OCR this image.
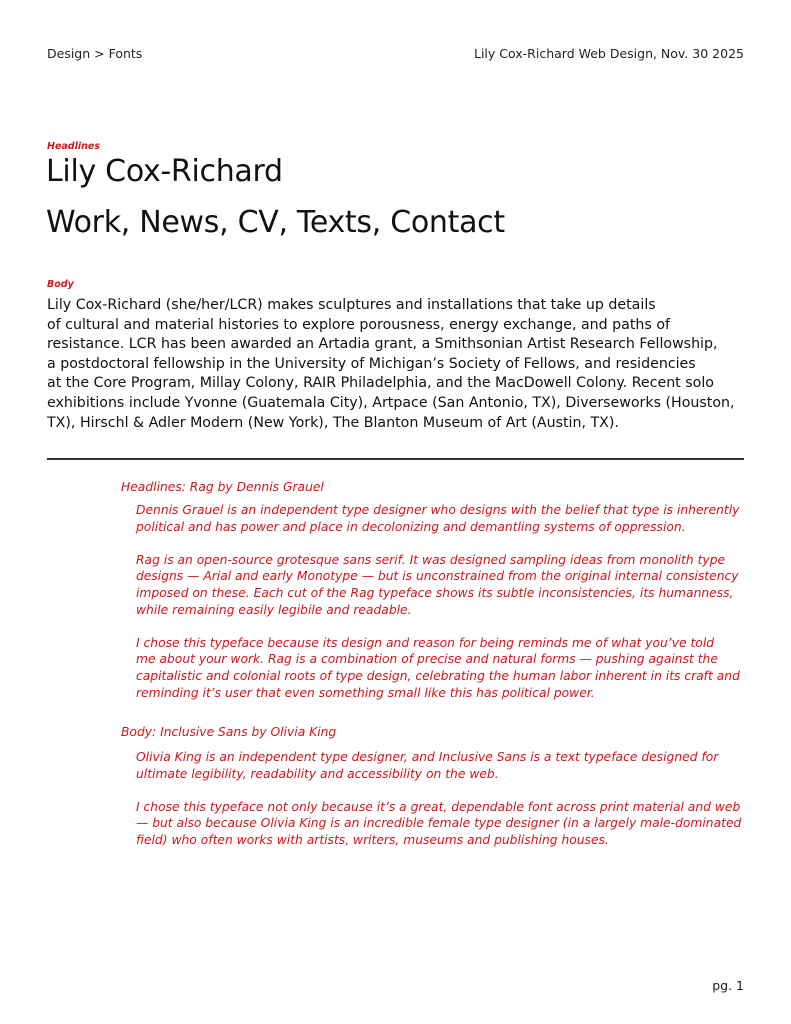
Design > Fonts	Lily Cox-Richard Web Design, Nov. 30 2025
Headlines
Lily Cox-Richard
Work, News, CV, Texts, Contact
Body
Lily Cox-Richard (she/her/LCR) makes sculptures and installations that take up details
of cultural and material histories to explore porousness, energy exchange, and paths of
resistance. LCR has been awarded an Artadia grant, a Smithsonian Artist Research Fellowship,
a postdoctoral fellowship in the University of Michigan’s Society of Fellows, and residencies
at the Core Program, Millay Colony, RAIR Philadelphia, and the MacDowell Colony. Recent solo
exhibitions include Yvonne (Guatemala City), Artpace (San Antonio, TX), Diverseworks (Houston,
TX), Hirschl & Adler Modern (New York), The Blanton Museum of Art (Austin, TX).
Headlines: Rag by Dennis Grauel
Dennis Grauel is an independent type designer who designs with the belief that type is inherently
political and has power and place in decolonizing and demantling systems of oppression.
Rag is an open-source grotesque sans serif. It was designed sampling ideas from monolith type
designs — Arial and early Monotype — but is unconstrained from the original internal consistency
imposed on these. Each cut of the Rag typeface shows its subtle inconsistencies, its humanness,
while remaining easily legibile and readable.
I chose this typeface because its design and reason for being reminds me of what you’ve told
me about your work. Rag is a combination of precise and natural forms — pushing against the
capitalistic and colonial roots of type design, celebrating the human labor inherent in its craft and
reminding it’s user that even something small like this has political power.
Body: Inclusive Sans by Olivia King
Olivia King is an independent type designer, and Inclusive Sans is a text typeface designed for
ultimate legibility, readability and accessibility on the web.
I chose this typeface not only because it’s a great, dependable font across print material and web
— but also because Olivia King is an incredible female type designer (in a largely male-dominated
field) who often works with artists, writers, museums and publishing houses.
pg. 1
